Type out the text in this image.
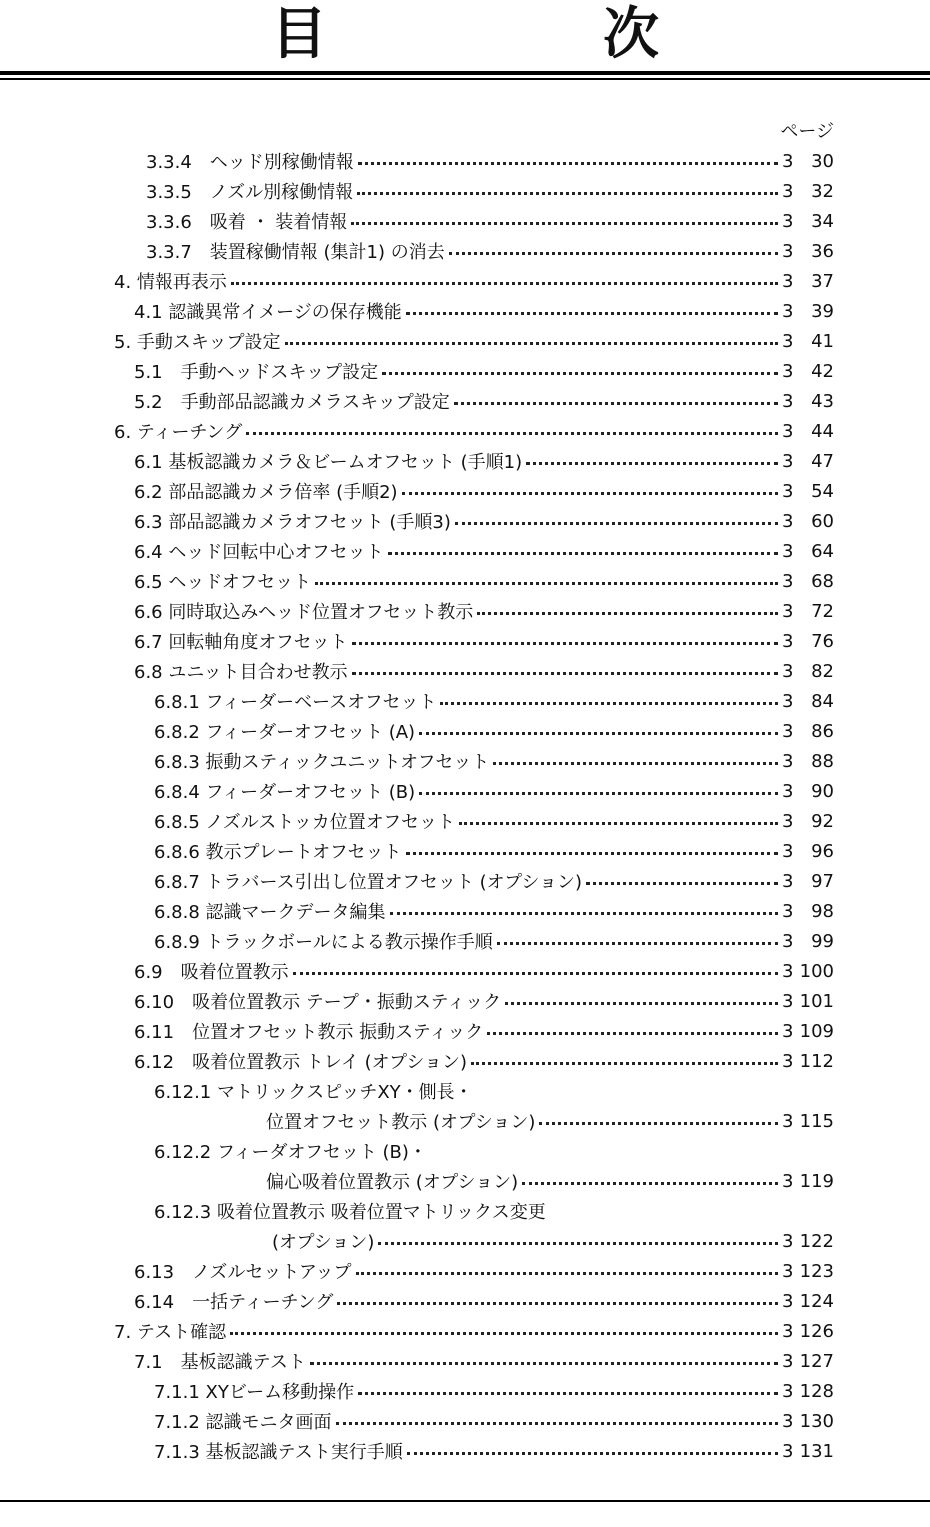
目　次
ページ
3.3.4　ヘッド別稼働情報	3 30
3.3.5　ノズル別稼働情報	3 32
3.3.6　吸着 ・ 装着情報	3 34
3.3.7　装置稼働情報 (集計1) の消去	3 36
4. 情報再表示	3 37
4.1 認識異常イメージの保存機能	3 39
5. 手動スキップ設定	3 41
5.1　手動ヘッドスキップ設定	3 42
5.2　手動部品認識カメラスキップ設定	3 43
6. ティーチング	3 44
6.1 基板認識カメラ＆ビームオフセット (手順1)	3 47
6.2 部品認識カメラ倍率 (手順2)	3 54
6.3 部品認識カメラオフセット (手順3)	3 60
6.4 ヘッド回転中心オフセット	3 64
6.5 ヘッドオフセット	3 68
6.6 同時取込みヘッド位置オフセット教示	3 72
6.7 回転軸角度オフセット	3 76
6.8 ユニット目合わせ教示	3 82
6.8.1 フィーダーベースオフセット	3 84
6.8.2 フィーダーオフセット (A)	3 86
6.8.3 振動スティックユニットオフセット	3 88
6.8.4 フィーダーオフセット (B)	3 90
6.8.5 ノズルストッカ位置オフセット	3 92
6.8.6 教示プレートオフセット	3 96
6.8.7 トラバース引出し位置オフセット (オプション)	3 97
6.8.8 認識マークデータ編集	3 98
6.8.9 トラックボールによる教示操作手順	3 99
6.9　吸着位置教示	3 100
6.10　吸着位置教示 テープ・振動スティック	3 101
6.11　位置オフセット教示 振動スティック	3 109
6.12　吸着位置教示 トレイ (オプション)	3 112
6.12.1 マトリックスピッチXY・側長・
位置オフセット教示 (オプション)	3 115
6.12.2 フィーダオフセット (B)・
偏心吸着位置教示 (オプション)	3 119
6.12.3 吸着位置教示 吸着位置マトリックス変更
(オプション)	3 122
6.13　ノズルセットアップ	3 123
6.14　一括ティーチング	3 124
7. テスト確認	3 126
7.1　基板認識テスト	3 127
7.1.1 XYビーム移動操作	3 128
7.1.2 認識モニタ画面	3 130
7.1.3 基板認識テスト実行手順	3 131
